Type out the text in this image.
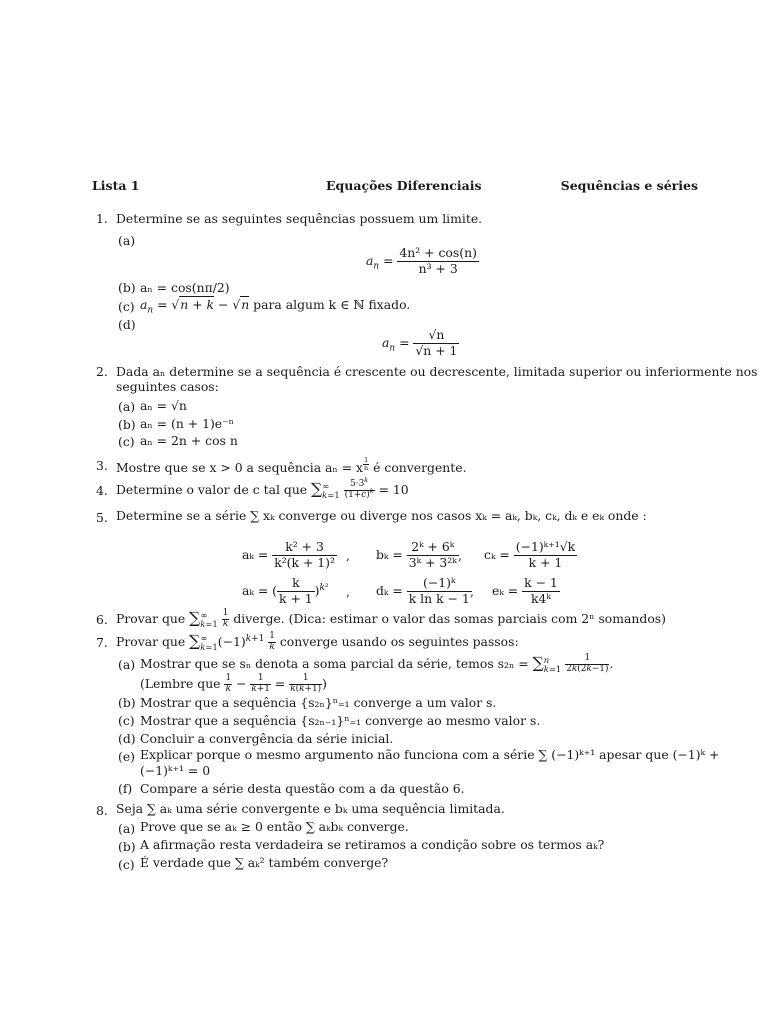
Lista 1	Equações Diferenciais	Sequências e séries
1. Determine se as seguintes sequências possuem um limite.
(a)
$a_n = \frac{\text{4n² + cos(n)}}{\text{n³ + 3}}$
(b) aₙ = cos(nπ/2)
(c) $a_n = √n + k - √n$ para algum k ∈ ℕ fixado.
(d)
$a_n = \frac{√n}{√n + 1}$
2. Dada aₙ determine se a sequência é crescente ou decrescente, limitada superior ou inferiormente nos
seguintes casos:
(a) aₙ = √n
(b) aₙ = (n + 1)e⁻ⁿ
(c) aₙ = 2n + cos n
3. Mostre que se x > 0 a sequência aₙ = x $^{\frac{1}{n}}$ é convergente.
4. Determine o valor de c tal que ∑ ∞
k=1
$\frac{5\cdot 3^k}{(1+c)^k} = 10$
5. Determine se a série ∑ xₖ converge ou diverge nos casos xₖ = aₖ, bₖ, cₖ, dₖ e eₖ onde :
$a_k = \frac{\text{k² + 3}}{\text{k²(k + 1)²}}$ , $b_k = \frac{\text{2ᵏ + 6ᵏ}}{\text{3ᵏ + 3²ᵏ}}$ , $c_k = \frac{\text{(−1)ᵏ⁺¹√k}}{k + 1}$
aₖ = ( $\frac{k}{k + 1} )^{k^2}$ , $d_k = \frac{\text{(−1)ᵏ}}{\text{k ln k − 1}}$
, $e_k = \frac{k - 1}{\text{k4ᵏ}}$
6. Provar que ∑ ∞
k=1
$\frac{1}{k}$ diverge. (Dica: estimar o valor das somas parciais com 2ⁿ somandos)
7. Provar que ∑ ∞
k=1 $(-1)^{k+1} \frac{1}{k}$ converge usando os seguintes passos:
(a) Mostrar que se sₙ denota a soma parcial da série, temos s₂ₙ = ∑ n
k=1
$\frac{1}{2k(2k-1)}$ .
(Lembre que $\frac{1}{k} - \frac{1}{k+1} = \frac{1}{k(k+1)}$ )
(b) Mostrar que a sequência {s₂ₙ}ⁿ₌₁ converge a um valor s.
(c) Mostrar que a sequência {s₂ₙ₋₁}ⁿ₌₁ converge ao mesmo valor s.
(d) Concluir a convergência da série inicial.
(e) Explicar porque o mesmo argumento não funciona com a série ∑ (−1)ᵏ⁺¹ apesar que (−1)ᵏ +
(−1)ᵏ⁺¹ = 0
(f) Compare a série desta questão com a da questão 6.
8. Seja ∑ aₖ uma série convergente e bₖ uma sequência limitada.
(a) Prove que se aₖ ≥ 0 então ∑ aₖbₖ converge.
(b) A afirmação resta verdadeira se retiramos a condição sobre os termos aₖ?
(c) É verdade que ∑ aₖ² também converge?
